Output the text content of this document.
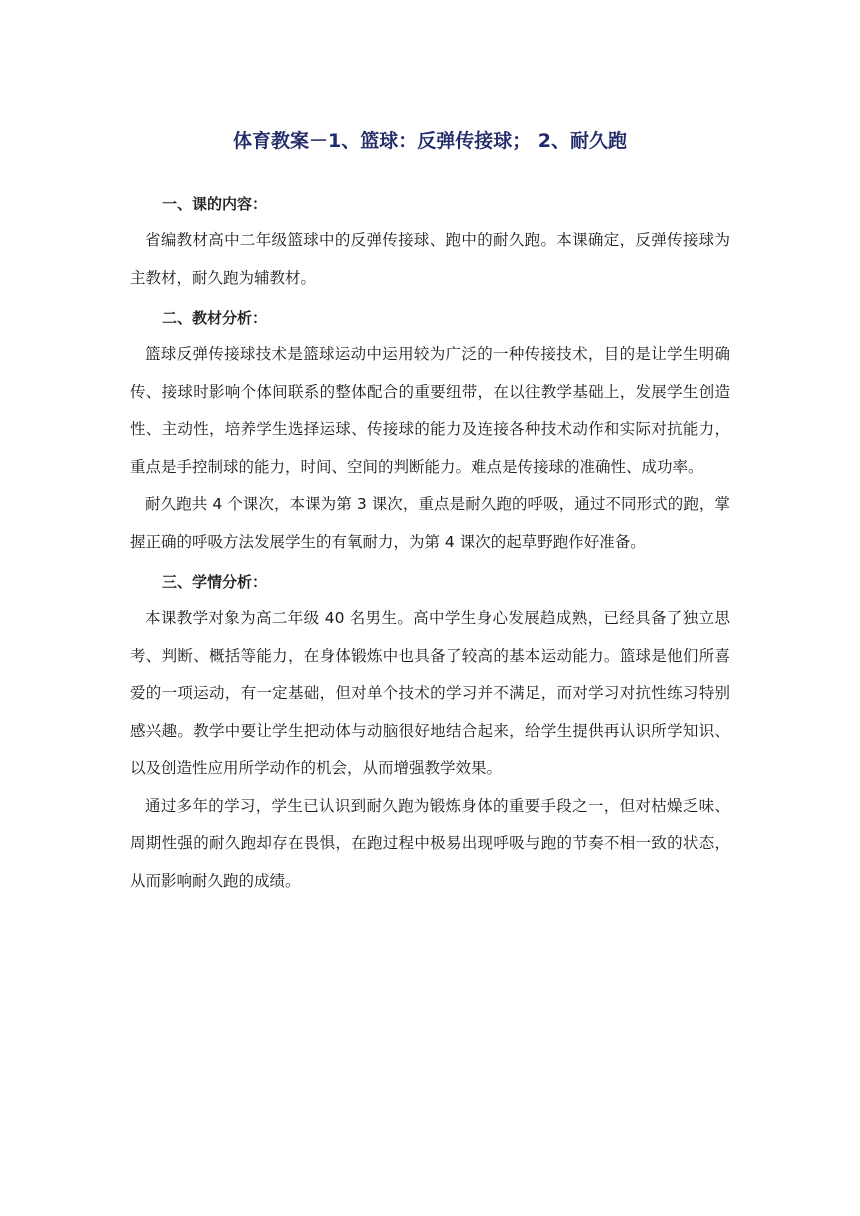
体育教案－1、篮球：反弹传接球； 2、耐久跑
一、课的内容：

省编教材高中二年级篮球中的反弹传接球、跑中的耐久跑。本课确定，反弹传接球为主教材，耐久跑为辅教材。

二、教材分析：

篮球反弹传接球技术是篮球运动中运用较为广泛的一种传接技术，目的是让学生明确传、接球时影响个体间联系的整体配合的重要纽带，在以往教学基础上，发展学生创造性、主动性，培养学生选择运球、传接球的能力及连接各种技术动作和实际对抗能力，重点是手控制球的能力，时间、空间的判断能力。难点是传接球的准确性、成功率。

耐久跑共 4 个课次，本课为第 3 课次，重点是耐久跑的呼吸，通过不同形式的跑，掌握正确的呼吸方法发展学生的有氧耐力，为第 4 课次的起草野跑作好准备。

三、学情分析：

本课教学对象为高二年级 40 名男生。高中学生身心发展趋成熟，已经具备了独立思考、判断、概括等能力，在身体锻炼中也具备了较高的基本运动能力。篮球是他们所喜爱的一项运动，有一定基础，但对单个技术的学习并不满足，而对学习对抗性练习特别感兴趣。教学中要让学生把动体与动脑很好地结合起来，给学生提供再认识所学知识、以及创造性应用所学动作的机会，从而增强教学效果。

通过多年的学习，学生已认识到耐久跑为锻炼身体的重要手段之一，但对枯燥乏味、周期性强的耐久跑却存在畏惧，在跑过程中极易出现呼吸与跑的节奏不相一致的状态，从而影响耐久跑的成绩。
